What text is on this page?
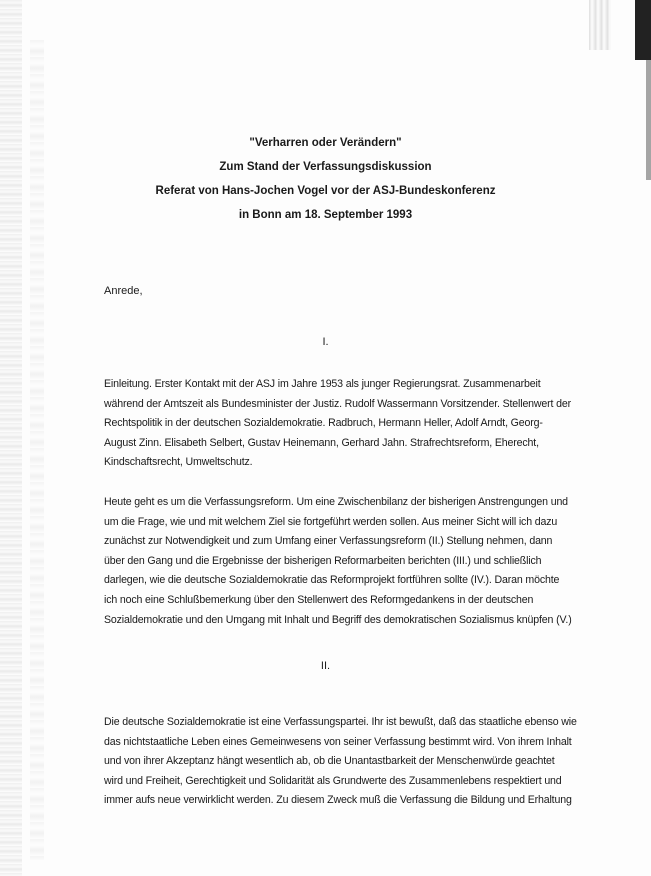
"Verharren oder Verändern"
Zum Stand der Verfassungsdiskussion
Referat von Hans-Jochen Vogel vor der ASJ-Bundeskonferenz
in Bonn am 18. September 1993
Anrede,
I.
Einleitung. Erster Kontakt mit der ASJ im Jahre 1953 als junger Regierungsrat. Zusammenarbeit
während der Amtszeit als Bundesminister der Justiz. Rudolf Wassermann Vorsitzender. Stellenwert der
Rechtspolitik in der deutschen Sozialdemokratie. Radbruch, Hermann Heller, Adolf Arndt, Georg-
August Zinn. Elisabeth Selbert, Gustav Heinemann, Gerhard Jahn. Strafrechtsreform, Eherecht,
Kindschaftsrecht, Umweltschutz.
Heute geht es um die Verfassungsreform. Um eine Zwischenbilanz der bisherigen Anstrengungen und
um die Frage, wie und mit welchem Ziel sie fortgeführt werden sollen. Aus meiner Sicht will ich dazu
zunächst zur Notwendigkeit und zum Umfang einer Verfassungsreform (II.) Stellung nehmen, dann
über den Gang und die Ergebnisse der bisherigen Reformarbeiten berichten (III.) und schließlich
darlegen, wie die deutsche Sozialdemokratie das Reformprojekt fortführen sollte (IV.). Daran möchte
ich noch eine Schlußbemerkung über den Stellenwert des Reformgedankens in der deutschen
Sozialdemokratie und den Umgang mit Inhalt und Begriff des demokratischen Sozialismus knüpfen (V.)
II.
Die deutsche Sozialdemokratie ist eine Verfassungspartei. Ihr ist bewußt, daß das staatliche ebenso wie
das nichtstaatliche Leben eines Gemeinwesens von seiner Verfassung bestimmt wird. Von ihrem Inhalt
und von ihrer Akzeptanz hängt wesentlich ab, ob die Unantastbarkeit der Menschenwürde geachtet
wird und Freiheit, Gerechtigkeit und Solidarität als Grundwerte des Zusammenlebens respektiert und
immer aufs neue verwirklicht werden. Zu diesem Zweck muß die Verfassung die Bildung und Erhaltung
